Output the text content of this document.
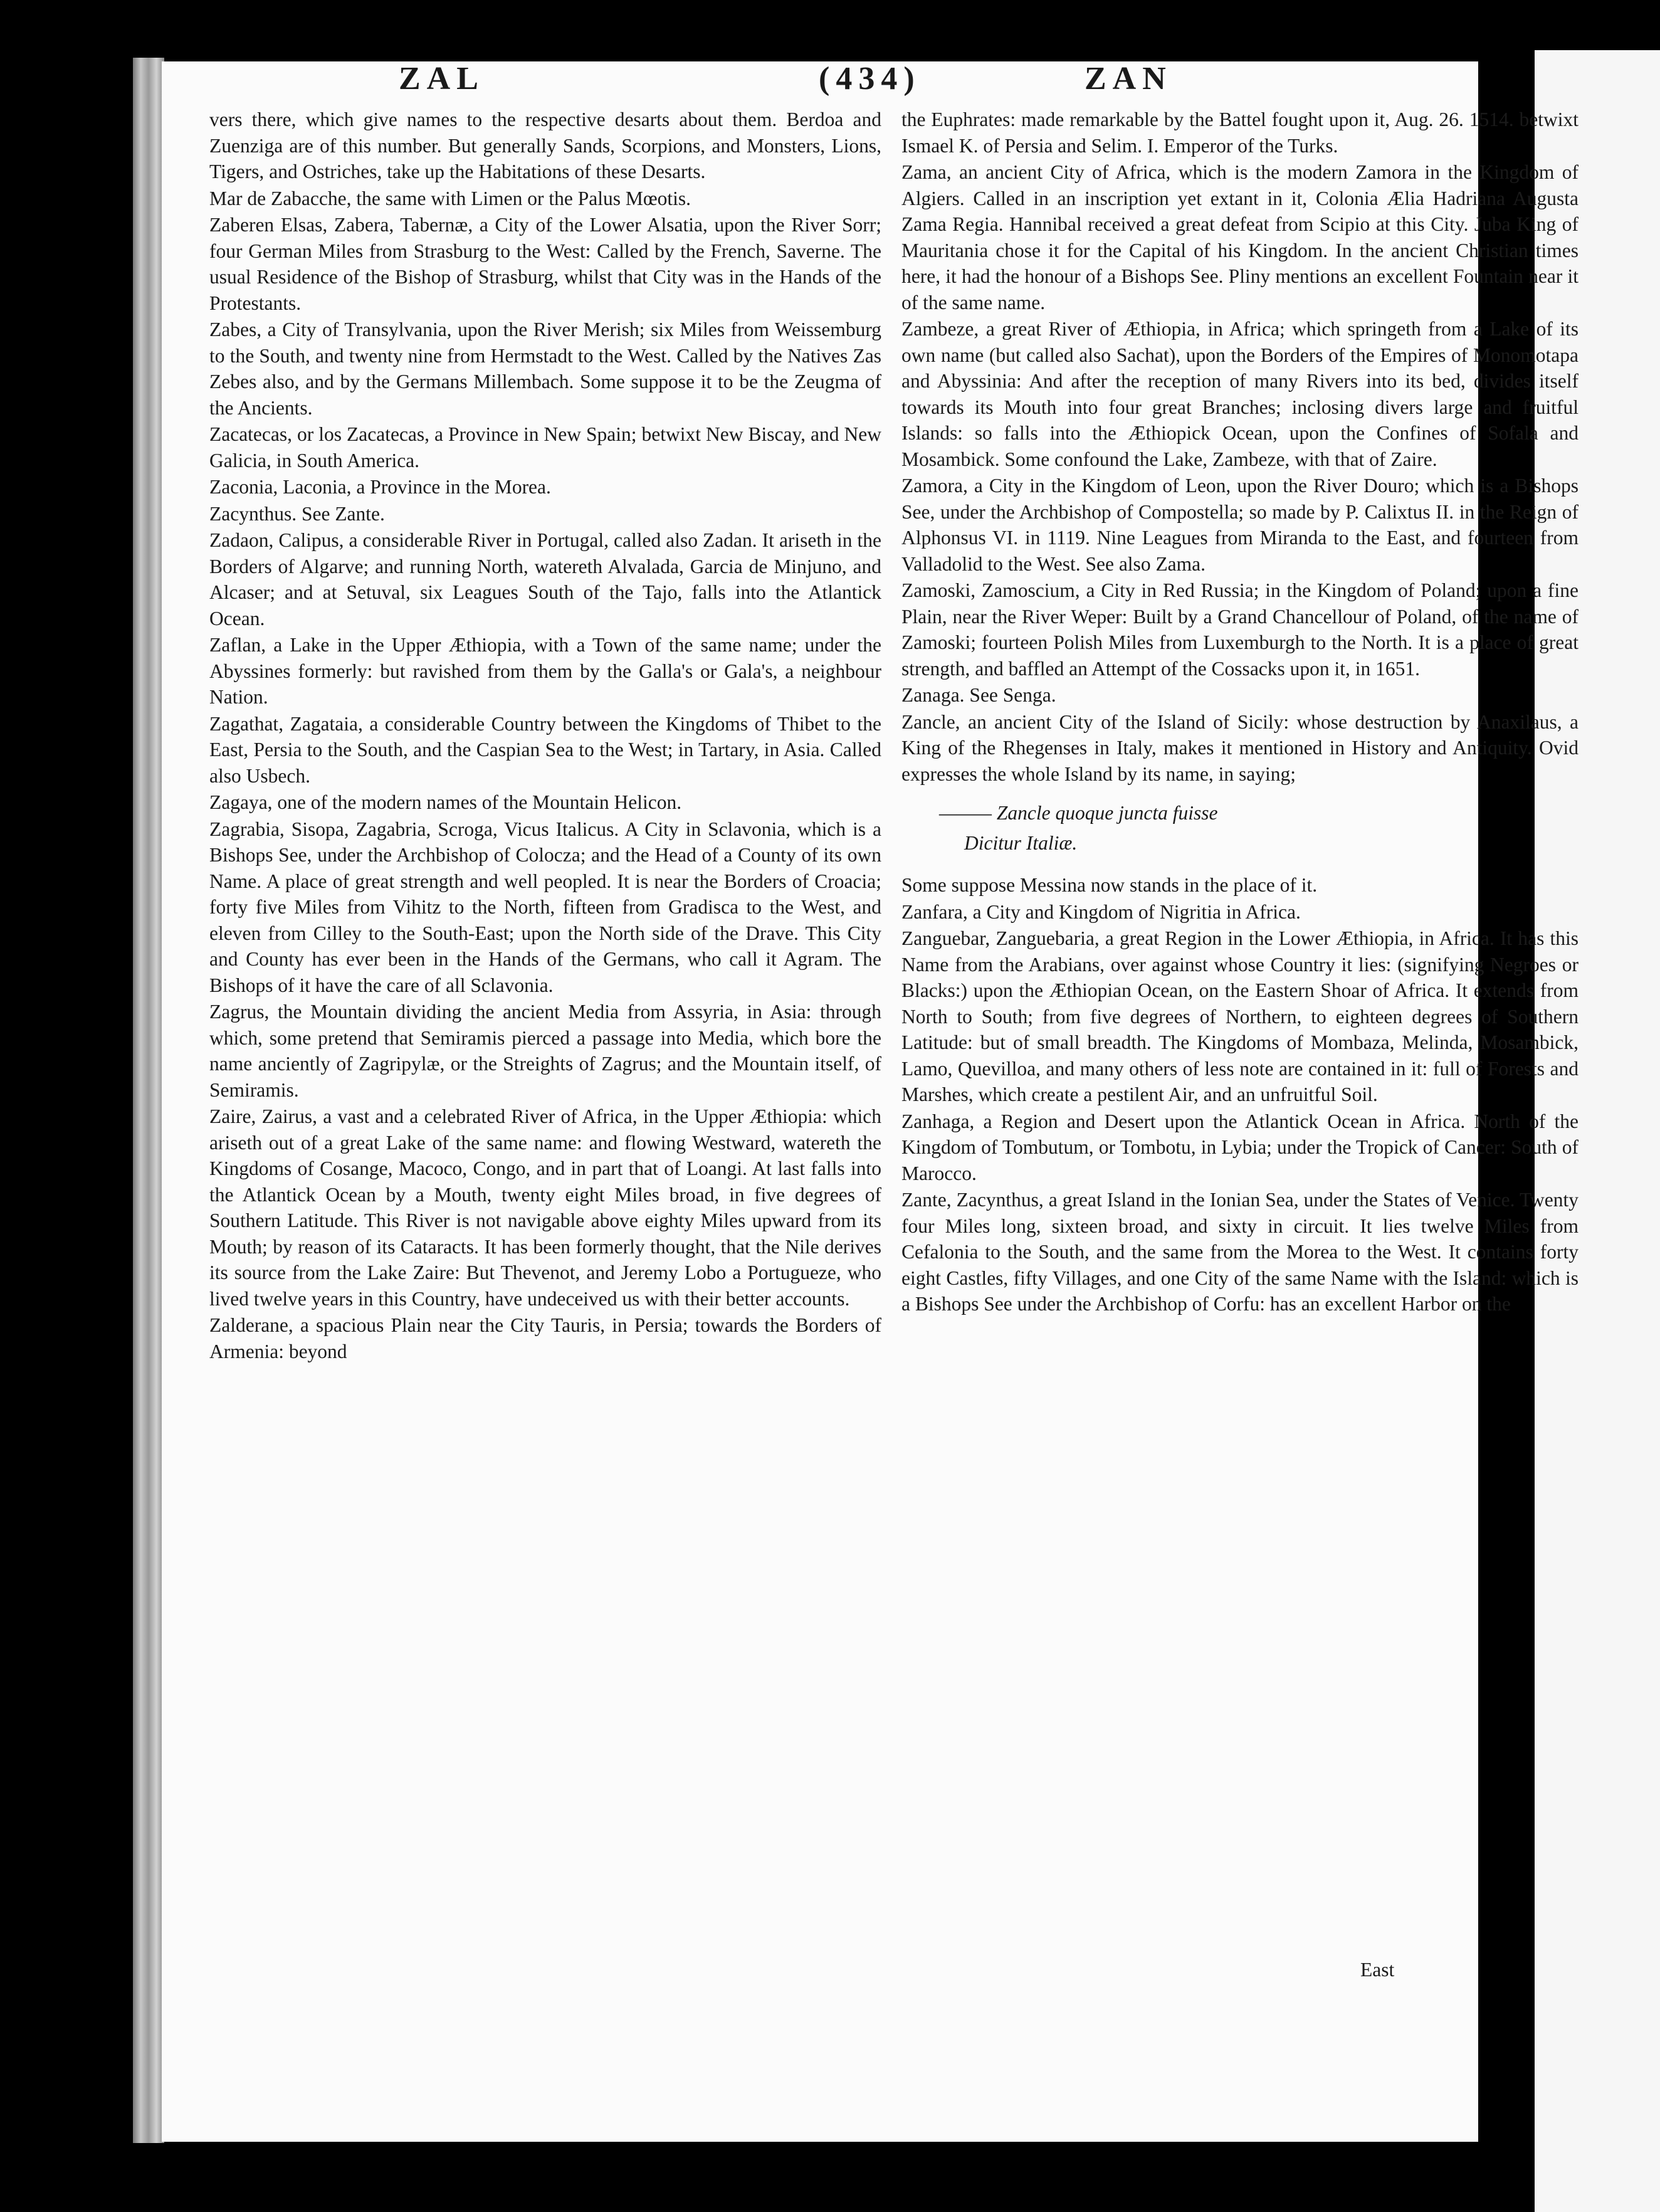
ZAL	(434)	ZAN

vers there, which give names to the respective desarts about them. Berdoa and Zuenziga are of this number. But generally Sands, Scorpions, and Monsters, Lions, Tigers, and Ostriches, take up the Habitations of these Desarts.

Mar de Zabacche, the same with Limen or the Palus Mœotis.

Zaberen Elsas, Zabera, Tabernæ, a City of the Lower Alsatia, upon the River Sorr; four German Miles from Strasburg to the West: Called by the French, Saverne. The usual Residence of the Bishop of Strasburg, whilst that City was in the Hands of the Protestants.

Zabes, a City of Transylvania, upon the River Merish; six Miles from Weissemburg to the South, and twenty nine from Hermstadt to the West. Called by the Natives Zas Zebes also, and by the Germans Millembach. Some suppose it to be the Zeugma of the Ancients.

Zacatecas, or los Zacatecas, a Province in New Spain; betwixt New Biscay, and New Galicia, in South America.

Zaconia, Laconia, a Province in the Morea.

Zacynthus. See Zante.

Zadaon, Calipus, a considerable River in Portugal, called also Zadan. It ariseth in the Borders of Algarve; and running North, watereth Alvalada, Garcia de Minjuno, and Alcaser; and at Setuval, six Leagues South of the Tajo, falls into the Atlantick Ocean.

Zaflan, a Lake in the Upper Æthiopia, with a Town of the same name; under the Abyssines formerly: but ravished from them by the Galla's or Gala's, a neighbour Nation.

Zagathat, Zagataia, a considerable Country between the Kingdoms of Thibet to the East, Persia to the South, and the Caspian Sea to the West; in Tartary, in Asia. Called also Usbech.

Zagaya, one of the modern names of the Mountain Helicon.

Zagrabia, Sisopa, Zagabria, Scroga, Vicus Italicus. A City in Sclavonia, which is a Bishops See, under the Archbishop of Colocza; and the Head of a County of its own Name. A place of great strength and well peopled. It is near the Borders of Croacia; forty five Miles from Vihitz to the North, fifteen from Gradisca to the West, and eleven from Cilley to the South-East; upon the North side of the Drave. This City and County has ever been in the Hands of the Germans, who call it Agram. The Bishops of it have the care of all Sclavonia.

Zagrus, the Mountain dividing the ancient Media from Assyria, in Asia: through which, some pretend that Semiramis pierced a passage into Media, which bore the name anciently of Zagripylæ, or the Streights of Zagrus; and the Mountain itself, of Semiramis.

Zaire, Zairus, a vast and a celebrated River of Africa, in the Upper Æthiopia: which ariseth out of a great Lake of the same name: and flowing Westward, watereth the Kingdoms of Cosange, Macoco, Congo, and in part that of Loangi. At last falls into the Atlantick Ocean by a Mouth, twenty eight Miles broad, in five degrees of Southern Latitude. This River is not navigable above eighty Miles upward from its Mouth; by reason of its Cataracts. It has been formerly thought, that the Nile derives its source from the Lake Zaire: But Thevenot, and Jeremy Lobo a Portugueze, who lived twelve years in this Country, have undeceived us with their better accounts.

Zalderane, a spacious Plain near the City Tauris, in Persia; towards the Borders of Armenia: beyond

the Euphrates: made remarkable by the Battel fought upon it, Aug. 26. 1514. betwixt Ismael K. of Persia and Selim. I. Emperor of the Turks.

Zama, an ancient City of Africa, which is the modern Zamora in the Kingdom of Algiers. Called in an inscription yet extant in it, Colonia Ælia Hadriana Augusta Zama Regia. Hannibal received a great defeat from Scipio at this City. Juba King of Mauritania chose it for the Capital of his Kingdom. In the ancient Christian times here, it had the honour of a Bishops See. Pliny mentions an excellent Fountain near it of the same name.

Zambeze, a great River of Æthiopia, in Africa; which springeth from a Lake of its own name (but called also Sachat), upon the Borders of the Empires of Monomotapa and Abyssinia: And after the reception of many Rivers into its bed, divides itself towards its Mouth into four great Branches; inclosing divers large and fruitful Islands: so falls into the Æthiopick Ocean, upon the Confines of Sofala and Mosambick. Some confound the Lake, Zambeze, with that of Zaire.

Zamora, a City in the Kingdom of Leon, upon the River Douro; which is a Bishops See, under the Archbishop of Compostella; so made by P. Calixtus II. in the Reign of Alphonsus VI. in 1119. Nine Leagues from Miranda to the East, and fourteen from Valladolid to the West. See also Zama.

Zamoski, Zamoscium, a City in Red Russia; in the Kingdom of Poland; upon a fine Plain, near the River Weper: Built by a Grand Chancellour of Poland, of the name of Zamoski; fourteen Polish Miles from Luxemburgh to the North. It is a place of great strength, and baffled an Attempt of the Cossacks upon it, in 1651.

Zanaga. See Senga.

Zancle, an ancient City of the Island of Sicily: whose destruction by Anaxilaus, a King of the Rhegenses in Italy, makes it mentioned in History and Antiquity. Ovid expresses the whole Island by its name, in saying;

——— Zancle quoque juncta fuisse
Dicitur Italiæ.

Some suppose Messina now stands in the place of it.

Zanfara, a City and Kingdom of Nigritia in Africa.

Zanguebar, Zanguebaria, a great Region in the Lower Æthiopia, in Africa. It has this Name from the Arabians, over against whose Country it lies: (signifying Negroes or Blacks:) upon the Æthiopian Ocean, on the Eastern Shoar of Africa. It extends from North to South; from five degrees of Northern, to eighteen degrees of Southern Latitude: but of small breadth. The Kingdoms of Mombaza, Melinda, Mosambick, Lamo, Quevilloa, and many others of less note are contained in it: full of Forests and Marshes, which create a pestilent Air, and an unfruitful Soil.

Zanhaga, a Region and Desert upon the Atlantick Ocean in Africa. North of the Kingdom of Tombutum, or Tombotu, in Lybia; under the Tropick of Cancer: South of Marocco.

Zante, Zacynthus, a great Island in the Ionian Sea, under the States of Venice. Twenty four Miles long, sixteen broad, and sixty in circuit. It lies twelve Miles from Cefalonia to the South, and the same from the Morea to the West. It contains forty eight Castles, fifty Villages, and one City of the same Name with the Island: which is a Bishops See under the Archbishop of Corfu: has an excellent Harbor on the

East
